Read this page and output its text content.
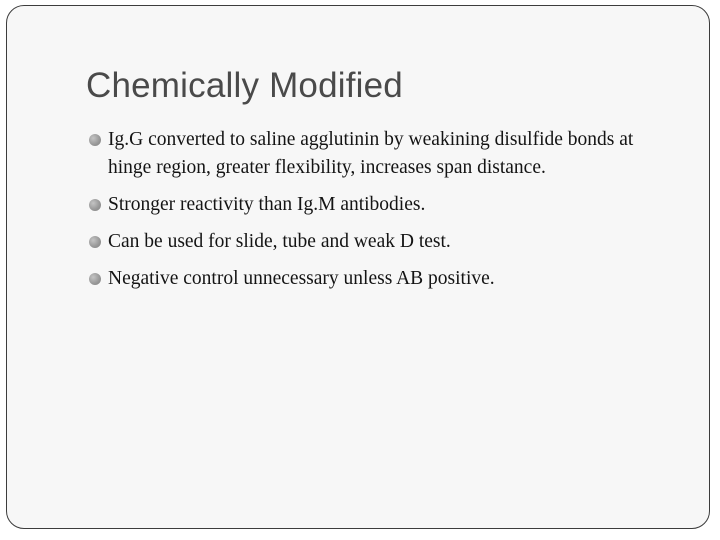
Chemically Modified
Ig.G converted to saline agglutinin by weakining disulfide bonds at hinge region, greater flexibility, increases span distance.
Stronger reactivity than Ig.M antibodies.
Can be used for slide, tube and weak D test.
Negative control unnecessary unless AB positive.
